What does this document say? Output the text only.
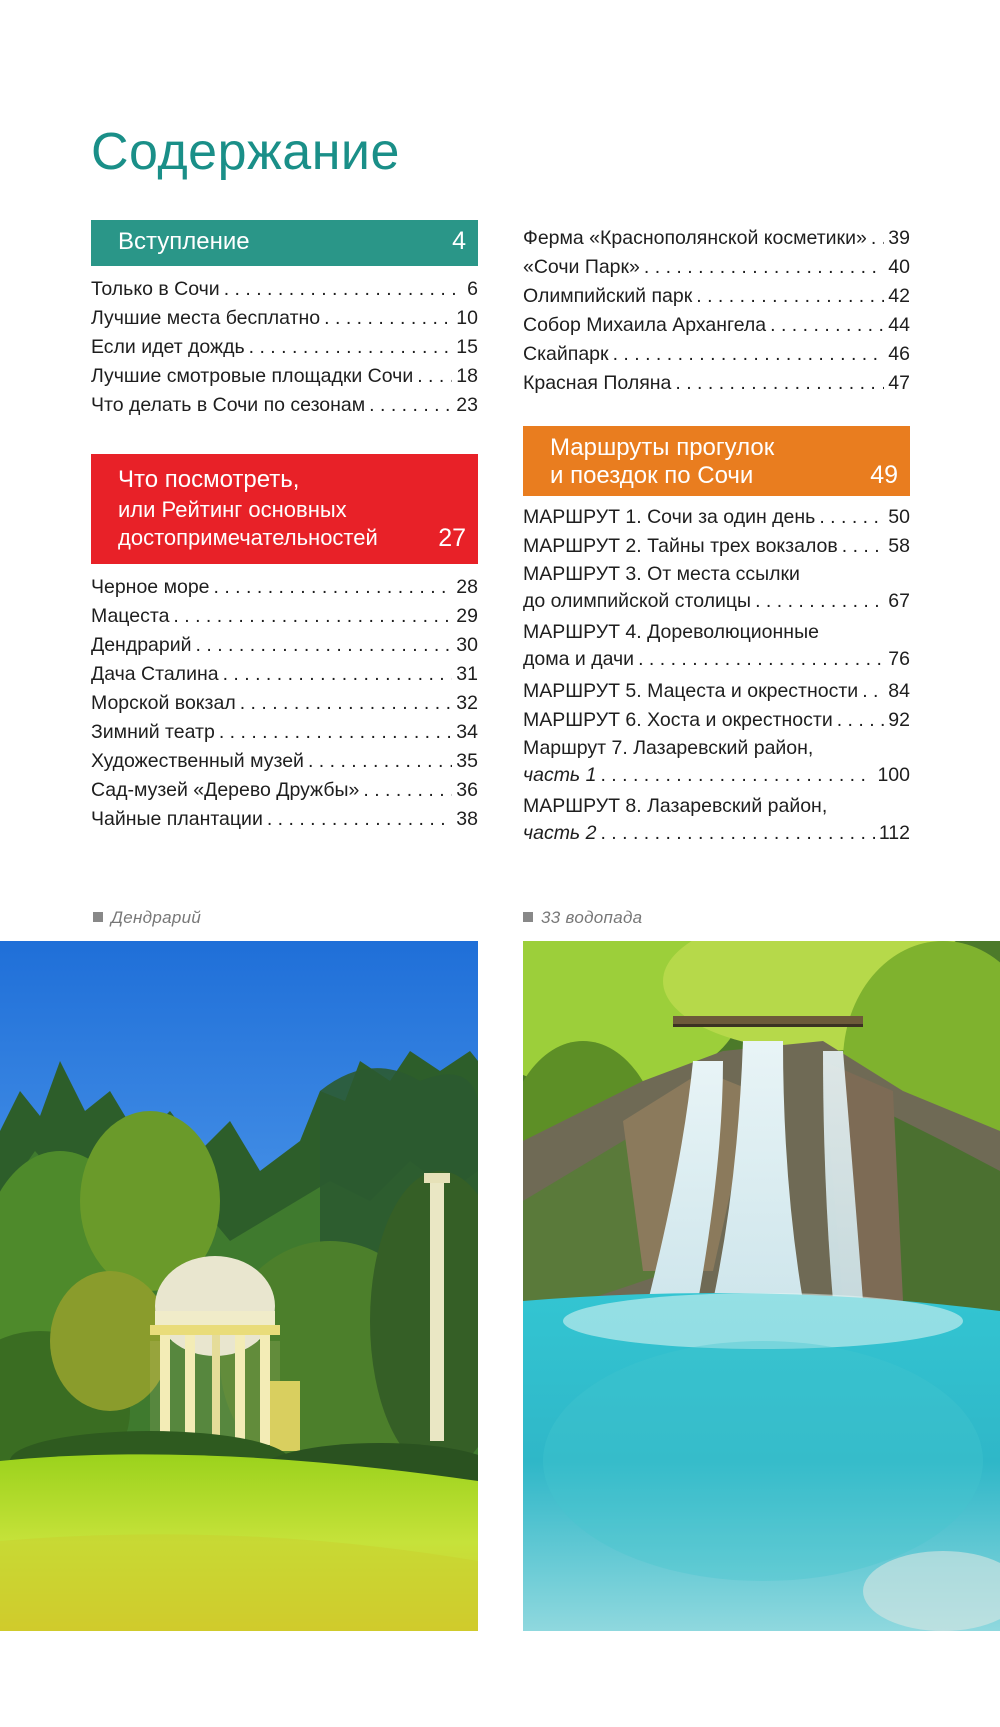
Содержание
Вступление	4
Только в Сочи . . .	6
Лучшие места бесплатно . . .	10
Если идет дождь . . .	15
Лучшие смотровые площадки Сочи . . . 18
Что делать в Сочи по сезонам . . .	23
Что посмотреть,
или Рейтинг основных
достопримечательностей 27
Черное море . . .	28
Мацеста . . .	29
Дендрарий . . .	30
Дача Сталина . . .	31
Морской вокзал . . .	32
Зимний театр . . .	34
Художественный музей . . .	35
Сад-музей «Дерево Дружбы» . . .	36
Чайные плантации . . .	38
Ферма «Краснополянской косметики» . . . 39
«Сочи Парк» . . .	40
Олимпийский парк . . .	42
Собор Михаила Архангела . . .	44
Скайпарк . . .	46
Красная Поляна . . .	47
Маршруты прогулок
и поездок по Сочи	49
МАРШРУТ 1. Сочи за один день . . .	50
МАРШРУТ 2. Тайны трех вокзалов . . .	58
МАРШРУТ 3. От места ссылки
до олимпийской столицы . . .	67
МАРШРУТ 4. Дореволюционные
дома и дачи . . .	76
МАРШРУТ 5. Мацеста и окрестности . . . 84
МАРШРУТ 6. Хоста и окрестности . . .	92
Маршрут 7. Лазаревский район,
часть 1 . . .	100
МАРШРУТ 8. Лазаревский район,
часть 2 . . .	112
Дендрарий	33 водопада
